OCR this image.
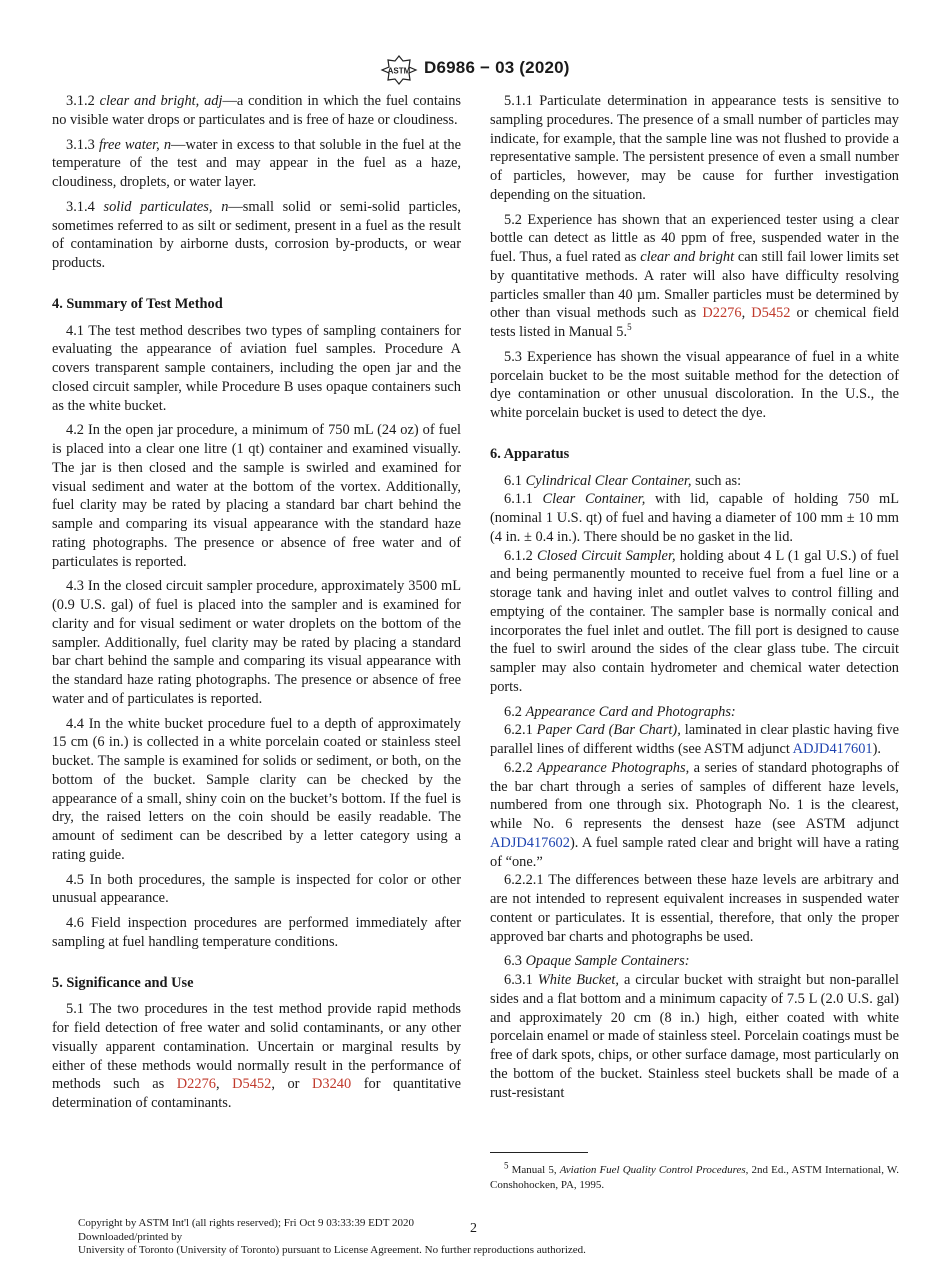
ASTM D6986 − 03 (2020)

3.1.2 clear and bright, adj—a condition in which the fuel contains no visible water drops or particulates and is free of haze or cloudiness.

3.1.3 free water, n—water in excess to that soluble in the fuel at the temperature of the test and may appear in the fuel as a haze, cloudiness, droplets, or water layer.

3.1.4 solid particulates, n—small solid or semi-solid particles, sometimes referred to as silt or sediment, present in a fuel as the result of contamination by airborne dusts, corrosion by-products, or wear products.

4. Summary of Test Method

4.1 The test method describes two types of sampling containers for evaluating the appearance of aviation fuel samples. Procedure A covers transparent sample containers, including the open jar and the closed circuit sampler, while Procedure B uses opaque containers such as the white bucket.

4.2 In the open jar procedure, a minimum of 750 mL (24 oz) of fuel is placed into a clear one litre (1 qt) container and examined visually. The jar is then closed and the sample is swirled and examined for visual sediment and water at the bottom of the vortex. Additionally, fuel clarity may be rated by placing a standard bar chart behind the sample and comparing its visual appearance with the standard haze rating photographs. The presence or absence of free water and of particulates is reported.

4.3 In the closed circuit sampler procedure, approximately 3500 mL (0.9 U.S. gal) of fuel is placed into the sampler and is examined for clarity and for visual sediment or water droplets on the bottom of the sampler. Additionally, fuel clarity may be rated by placing a standard bar chart behind the sample and comparing its visual appearance with the standard haze rating photographs. The presence or absence of free water and of particulates is reported.

4.4 In the white bucket procedure fuel to a depth of approximately 15 cm (6 in.) is collected in a white porcelain coated or stainless steel bucket. The sample is examined for solids or sediment, or both, on the bottom of the bucket. Sample clarity can be checked by the appearance of a small, shiny coin on the bucket’s bottom. If the fuel is dry, the raised letters on the coin should be easily readable. The amount of sediment can be described by a letter category using a rating guide.

4.5 In both procedures, the sample is inspected for color or other unusual appearance.

4.6 Field inspection procedures are performed immediately after sampling at fuel handling temperature conditions.

5. Significance and Use

5.1 The two procedures in the test method provide rapid methods for field detection of free water and solid contaminants, or any other visually apparent contamination. Uncertain or marginal results by either of these methods would normally result in the performance of methods such as D2276, D5452, or D3240 for quantitative determination of contaminants.

5.1.1 Particulate determination in appearance tests is sensitive to sampling procedures. The presence of a small number of particles may indicate, for example, that the sample line was not flushed to provide a representative sample. The persistent presence of even a small number of particles, however, may be cause for further investigation depending on the situation.

5.2 Experience has shown that an experienced tester using a clear bottle can detect as little as 40 ppm of free, suspended water in the fuel. Thus, a fuel rated as clear and bright can still fail lower limits set by quantitative methods. A rater will also have difficulty resolving particles smaller than 40 µm. Smaller particles must be determined by other than visual methods such as D2276, D5452 or chemical field tests listed in Manual 5.$^5$

5.3 Experience has shown the visual appearance of fuel in a white porcelain bucket to be the most suitable method for the detection of dye contamination or other unusual discoloration. In the U.S., the white porcelain bucket is used to detect the dye.

6. Apparatus

6.1 Cylindrical Clear Container, such as:

6.1.1 Clear Container, with lid, capable of holding 750 mL (nominal 1 U.S. qt) of fuel and having a diameter of 100 mm ± 10 mm (4 in. ± 0.4 in.). There should be no gasket in the lid.

6.1.2 Closed Circuit Sampler, holding about 4 L (1 gal U.S.) of fuel and being permanently mounted to receive fuel from a fuel line or a storage tank and having inlet and outlet valves to control filling and emptying of the container. The sampler base is normally conical and incorporates the fuel inlet and outlet. The fill port is designed to cause the fuel to swirl around the sides of the clear glass tube. The circuit sampler may also contain hydrometer and chemical water detection ports.

6.2 Appearance Card and Photographs:

6.2.1 Paper Card (Bar Chart), laminated in clear plastic having five parallel lines of different widths (see ASTM adjunct ADJD417601).

6.2.2 Appearance Photographs, a series of standard photographs of the bar chart through a series of samples of different haze levels, numbered from one through six. Photograph No. 1 is the clearest, while No. 6 represents the densest haze (see ASTM adjunct ADJD417602). A fuel sample rated clear and bright will have a rating of “one.”

6.2.2.1 The differences between these haze levels are arbitrary and are not intended to represent equivalent increases in suspended water content or particulates. It is essential, therefore, that only the proper approved bar charts and photographs be used.

6.3 Opaque Sample Containers:

6.3.1 White Bucket, a circular bucket with straight but non-parallel sides and a flat bottom and a minimum capacity of 7.5 L (2.0 U.S. gal) and approximately 20 cm (8 in.) high, either coated with white porcelain enamel or made of stainless steel. Porcelain coatings must be free of dark spots, chips, or other surface damage, most particularly on the bottom of the bucket. Stainless steel buckets shall be made of a rust-resistant

$^5$ Manual 5, Aviation Fuel Quality Control Procedures, 2nd Ed., ASTM International, W. Conshohocken, PA, 1995.

Copyright by ASTM Int'l (all rights reserved); Fri Oct 9 03:33:39 EDT 2020

Downloaded/printed by

University of Toronto (University of Toronto) pursuant to License Agreement. No further reproductions authorized.

2
